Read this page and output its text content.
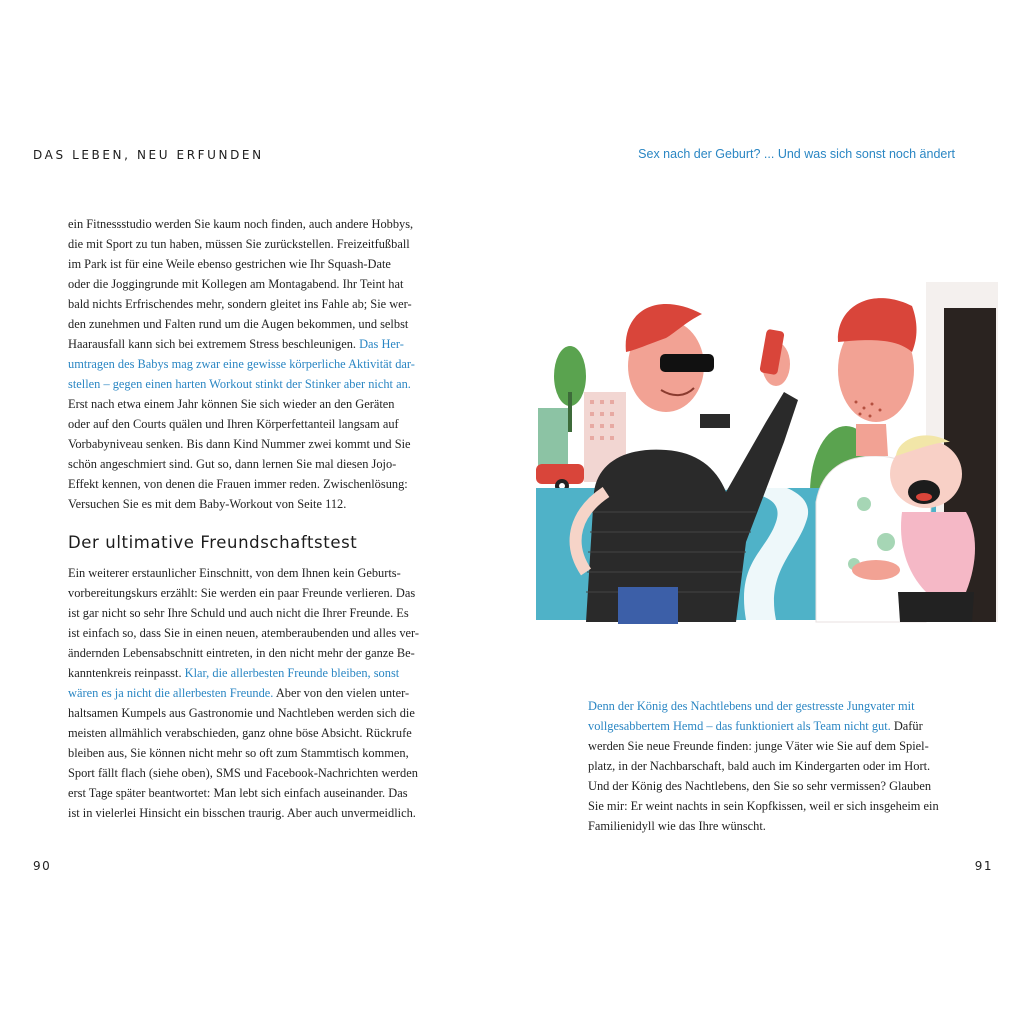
DAS LEBEN, NEU ERFUNDEN	Sex nach der Geburt? ... Und was sich sonst noch ändert
ein Fitnessstudio werden Sie kaum noch finden, auch andere Hobbys,
die mit Sport zu tun haben, müssen Sie zurückstellen. Freizeitfußball
im Park ist für eine Weile ebenso gestrichen wie Ihr Squash-Date
oder die Joggingrunde mit Kollegen am Montagabend. Ihr Teint hat
bald nichts Erfrischendes mehr, sondern gleitet ins Fahle ab; Sie wer-
den zunehmen und Falten rund um die Augen bekommen, und selbst
Haarausfall kann sich bei extremem Stress beschleunigen. Das Her-
umtragen des Babys mag zwar eine gewisse körperliche Aktivität dar-
stellen – gegen einen harten Workout stinkt der Stinker aber nicht an.
Erst nach etwa einem Jahr können Sie sich wieder an den Geräten
oder auf den Courts quälen und Ihren Körperfettanteil langsam auf
Vorbabyniveau senken. Bis dann Kind Nummer zwei kommt und Sie
schön angeschmiert sind. Gut so, dann lernen Sie mal diesen Jojo-
Effekt kennen, von denen die Frauen immer reden. Zwischenlösung:
Versuchen Sie es mit dem Baby-Workout von Seite 112.
Der ultimative Freundschaftstest
Ein weiterer erstaunlicher Einschnitt, von dem Ihnen kein Geburts-
vorbereitungskurs erzählt: Sie werden ein paar Freunde verlieren. Das
ist gar nicht so sehr Ihre Schuld und auch nicht die Ihrer Freunde. Es
ist einfach so, dass Sie in einen neuen, atemberaubenden und alles ver-
ändernden Lebensabschnitt eintreten, in den nicht mehr der ganze Be-
kanntenkreis reinpasst. Klar, die allerbesten Freunde bleiben, sonst
wären es ja nicht die allerbesten Freunde. Aber von den vielen unter-
haltsamen Kumpels aus Gastronomie und Nachtleben werden sich die
meisten allmählich verabschieden, ganz ohne böse Absicht. Rückrufe
bleiben aus, Sie können nicht mehr so oft zum Stammtisch kommen,
Sport fällt flach (siehe oben), SMS und Facebook-Nachrichten werden
erst Tage später beantwortet: Man lebt sich einfach auseinander. Das
ist in vielerlei Hinsicht ein bisschen traurig. Aber auch unvermeidlich.
Denn der König des Nachtlebens und der gestresste Jungvater mit
vollgesabbertem Hemd – das funktioniert als Team nicht gut. Dafür
werden Sie neue Freunde finden: junge Väter wie Sie auf dem Spiel-
platz, in der Nachbarschaft, bald auch im Kindergarten oder im Hort.
Und der König des Nachtlebens, den Sie so sehr vermissen? Glauben
Sie mir: Er weint nachts in sein Kopfkissen, weil er sich insgeheim ein
Familienidyll wie das Ihre wünscht.
90	91
